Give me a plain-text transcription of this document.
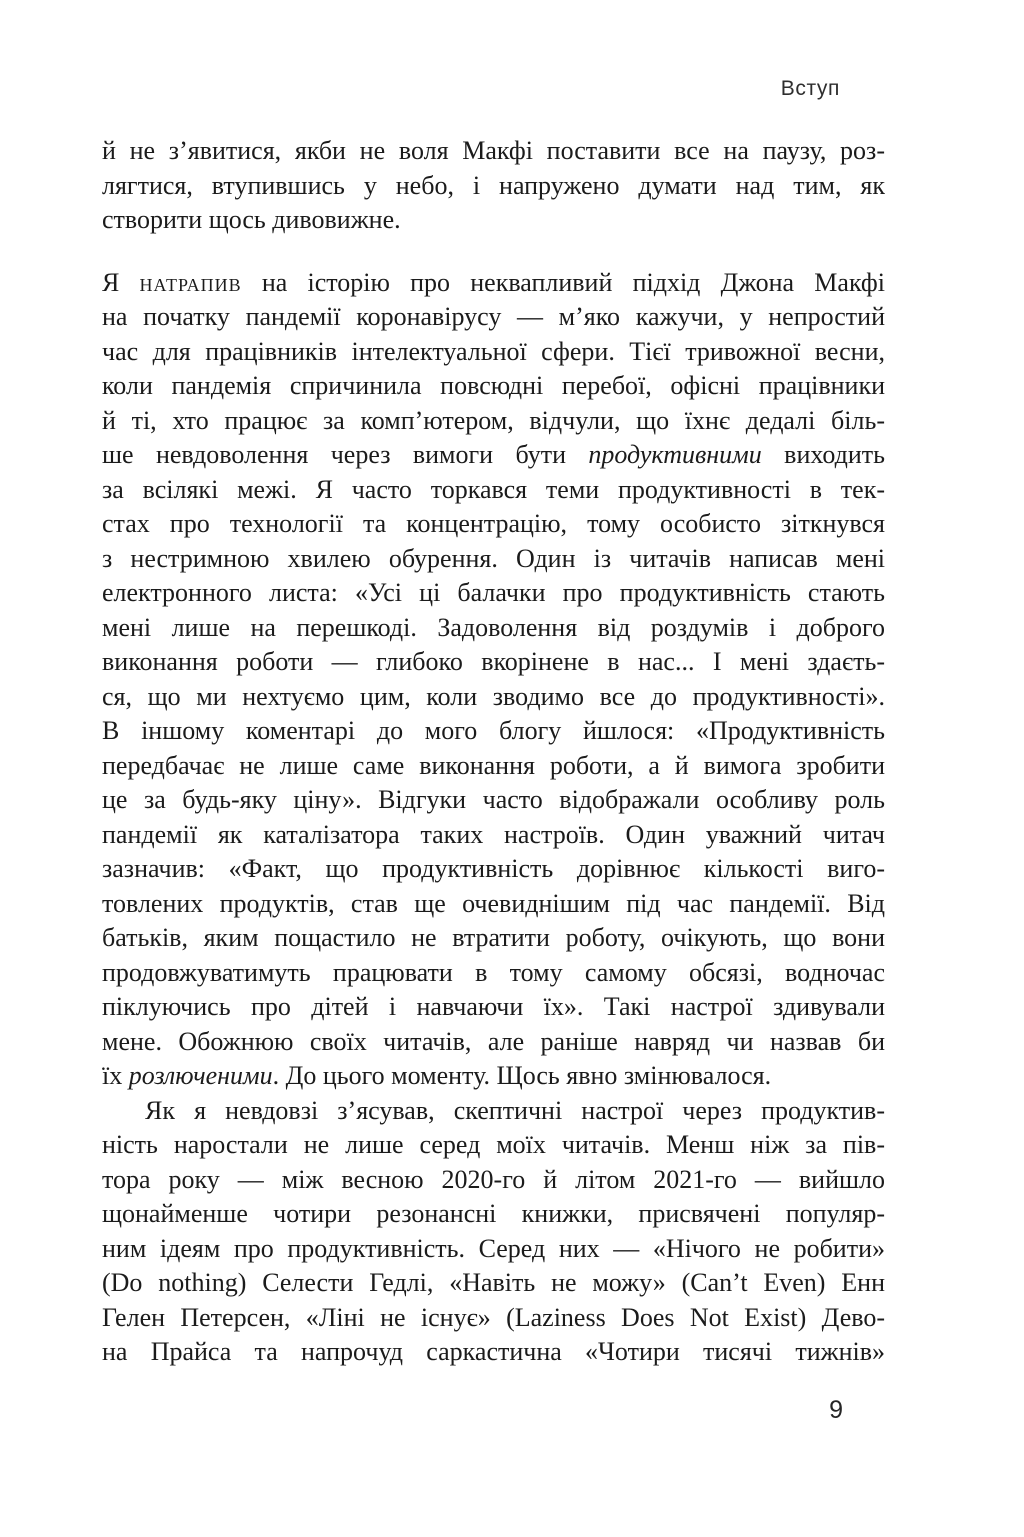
Вступ
й не з’явитися, якби не воля Макфі поставити все на паузу, роз-
лягтися, втупившись у небо, і напружено думати над тим, як
створити щось дивовижне.
Я натрапив на історію про неквапливий підхід Джона Макфі
на початку пандемії коронавірусу — м’яко кажучи, у непростий
час для працівників інтелектуальної сфери. Тієї тривожної весни,
коли пандемія спричинила повсюдні перебої, офісні працівники
й ті, хто працює за комп’ютером, відчули, що їхнє дедалі біль-
ше невдоволення через вимоги бути продуктивними виходить
за всілякі межі. Я часто торкався теми продуктивності в тек-
стах про технології та концентрацію, тому особисто зіткнувся
з нестримною хвилею обурення. Один із читачів написав мені
електронного листа: «Усі ці балачки про продуктивність стають
мені лише на перешкоді. Задоволення від роздумів і доброго
виконання роботи — глибоко вкорінене в нас... І мені здаєть-
ся, що ми нехтуємо цим, коли зводимо все до продуктивності».
В іншому коментарі до мого блогу йшлося: «Продуктивність
передбачає не лише саме виконання роботи, а й вимога зробити
це за будь-яку ціну». Відгуки часто відображали особливу роль
пандемії як каталізатора таких настроїв. Один уважний читач
зазначив: «Факт, що продуктивність дорівнює кількості виго-
товлених продуктів, став ще очевиднішим під час пандемії. Від
батьків, яким пощастило не втратити роботу, очікують, що вони
продовжуватимуть працювати в тому самому обсязі, водночас
піклуючись про дітей і навчаючи їх». Такі настрої здивували
мене. Обожнюю своїх читачів, але раніше навряд чи назвав би
їх розлюченими. До цього моменту. Щось явно змінювалося.
Як я невдовзі з’ясував, скептичні настрої через продуктив-
ність наростали не лише серед моїх читачів. Менш ніж за пів-
тора року — між весною 2020-го й літом 2021-го — вийшло
щонайменше чотири резонансні книжки, присвячені популяр-
ним ідеям про продуктивність. Серед них — «Нічого не робити»
(Do nothing) Селести Гедлі, «Навіть не можу» (Can’t Even) Енн
Гелен Петерсен, «Ліні не існує» (Laziness Does Not Exist) Дево-
на Прайса та напрочуд саркастична «Чотири тисячі тижнів»
9
